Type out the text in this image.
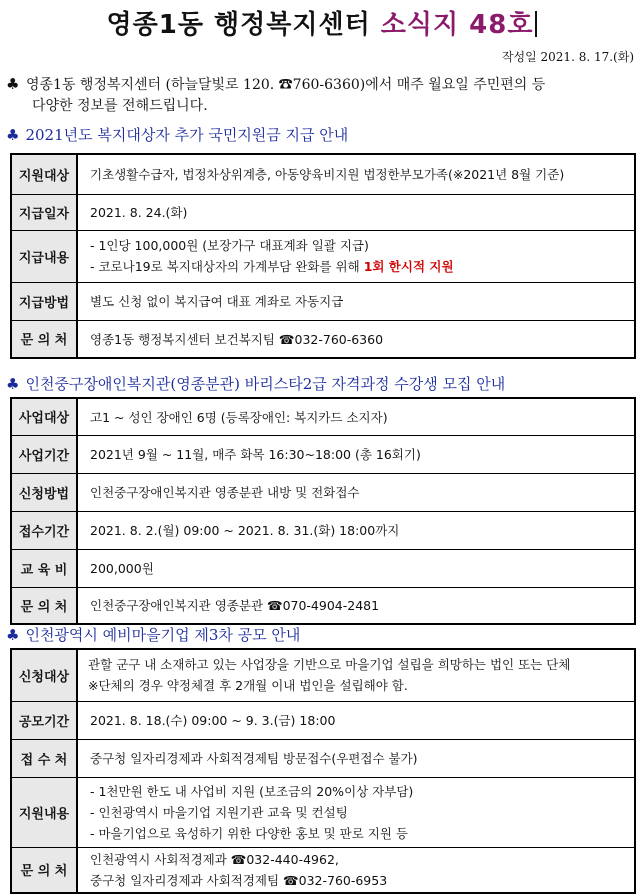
영종1동 행정복지센터 소식지 48호
작성일 2021. 8. 17.(화)
♣ 영종1동 행정복지센터 (하늘달빛로 120. ☎760-6360)에서 매주 월요일 주민편의 등
다양한 정보를 전해드립니다.
♣ 2021년도 복지대상자 추가 국민지원금 지급 안내
지원대상	기초생활수급자, 법정차상위계층, 아동양육비지원 법정한부모가족(※2021년 8월 기준)
지급일자	2021. 8. 24.(화)
지급내용	- 1인당 100,000원 (보장가구 대표계좌 일괄 지급)
- 코로나19로 복지대상자의 가계부담 완화를 위해 1회 한시적 지원

지급방법	별도 신청 없이 복지급여 대표 계좌로 자동지급
문 의 처	영종1동 행정복지센터 보건복지팀 ☎032-760-6360
♣ 인천중구장애인복지관(영종분관) 바리스타2급 자격과정 수강생 모집 안내
사업대상	고1 ~ 성인 장애인 6명 (등록장애인: 복지카드 소지자)
사업기간	2021년 9월 ~ 11월, 매주 화목 16:30~18:00 (총 16회기)
신청방법	인천중구장애인복지관 영종분관 내방 및 전화접수
접수기간	2021. 8. 2.(월) 09:00 ~ 2021. 8. 31.(화) 18:00까지
교 육 비	200,000원
문 의 처	인천중구장애인복지관 영종분관 ☎070-4904-2481
♣ 인천광역시 예비마을기업 제3차 공모 안내
신청대상	관할 군구 내 소재하고 있는 사업장을 기반으로 마을기업 설립을 희망하는 법인 또는 단체
※단체의 경우 약정체결 후 2개월 이내 법인을 설립해야 함.

공모기간	2021. 8. 18.(수) 09:00 ~ 9. 3.(금) 18:00
접 수 처	중구청 일자리경제과 사회적경제팀 방문접수(우편접수 불가)
지원내용	- 1천만원 한도 내 사업비 지원 (보조금의 20%이상 자부담)
- 인천광역시 마을기업 지원기관 교육 및 컨설팅
- 마을기업으로 육성하기 위한 다양한 홍보 및 판로 지원 등

문 의 처	인천광역시 사회적경제과 ☎032-440-4962,
중구청 일자리경제과 사회적경제팀 ☎032-760-6953
